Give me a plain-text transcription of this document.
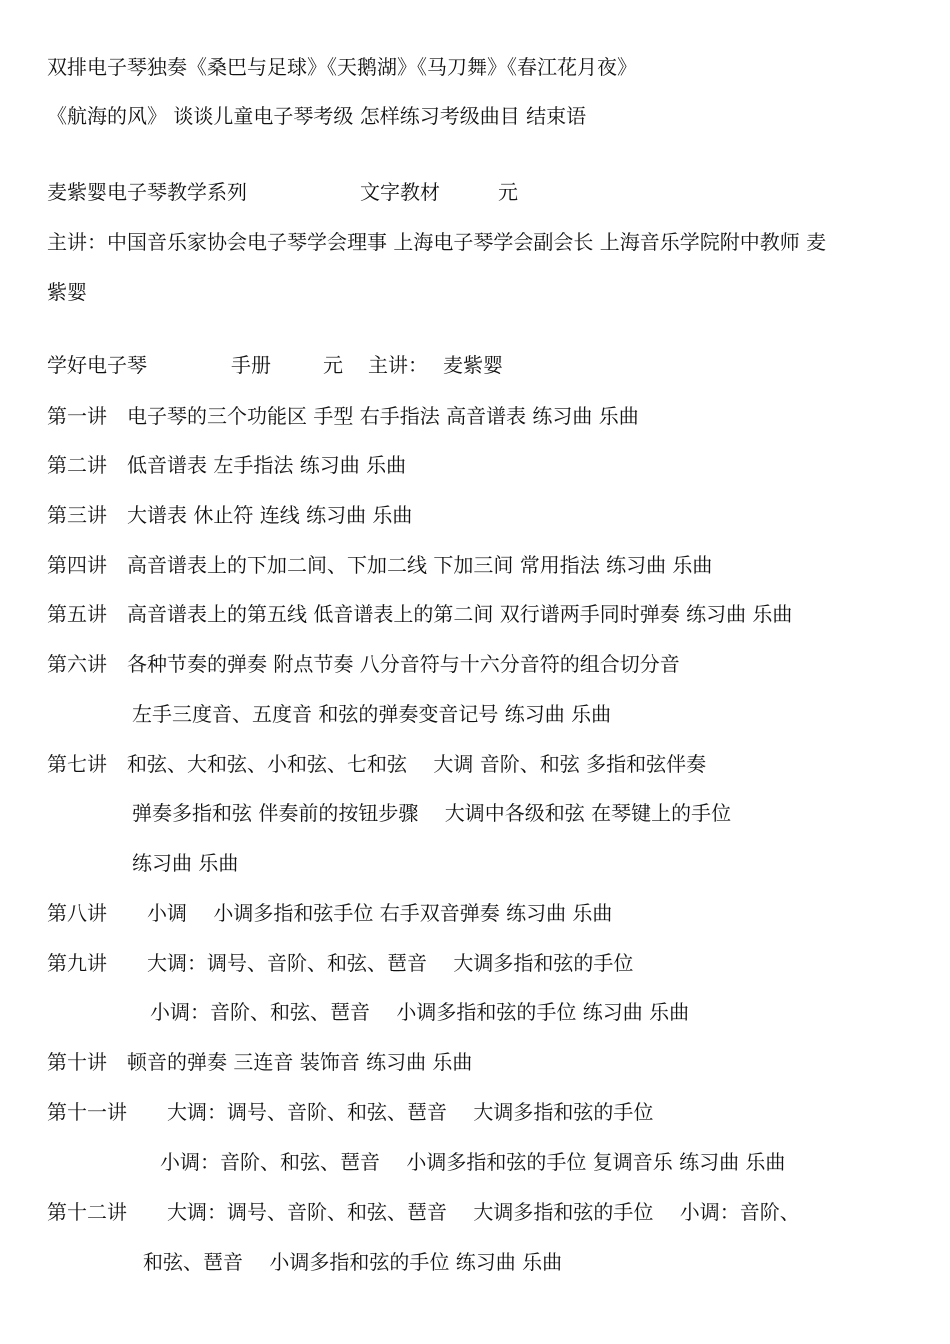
双排电子琴独奏《桑巴与足球》《天鹅湖》《马刀舞》《春江花月夜》
《航海的风》 谈谈儿童电子琴考级 怎样练习考级曲目 结束语
麦紫婴电子琴教学系列	文字教材	元
主讲：中国音乐家协会电子琴学会理事 上海电子琴学会副会长 上海音乐学院附中教师 麦
紫婴
学好电子琴	手册	元 主讲： 麦紫婴
第一讲　电子琴的三个功能区 手型 右手指法 高音谱表 练习曲 乐曲
第二讲　低音谱表 左手指法 练习曲 乐曲
第三讲　大谱表 休止符 连线 练习曲 乐曲
第四讲　高音谱表上的下加二间、下加二线 下加三间 常用指法 练习曲 乐曲
第五讲　高音谱表上的第五线 低音谱表上的第二间 双行谱两手同时弹奏 练习曲 乐曲
第六讲　各种节奏的弹奏 附点节奏 八分音符与十六分音符的组合切分音
左手三度音、五度音 和弦的弹奏变音记号 练习曲 乐曲
第七讲　和弦、大和弦、小和弦、七和弦　 大调 音阶、和弦 多指和弦伴奏
弹奏多指和弦 伴奏前的按钮步骤　 大调中各级和弦 在琴键上的手位
练习曲 乐曲
第八讲　　小调　 小调多指和弦手位 右手双音弹奏 练习曲 乐曲
第九讲　　大调：调号、音阶、和弦、琶音　 大调多指和弦的手位
小调：音阶、和弦、琶音　 小调多指和弦的手位 练习曲 乐曲
第十讲　顿音的弹奏 三连音 装饰音 练习曲 乐曲
第十一讲　　大调：调号、音阶、和弦、琶音　 大调多指和弦的手位
小调：音阶、和弦、琶音　 小调多指和弦的手位 复调音乐 练习曲 乐曲
第十二讲　　大调：调号、音阶、和弦、琶音　 大调多指和弦的手位　 小调：音阶、
和弦、琶音　 小调多指和弦的手位 练习曲 乐曲
